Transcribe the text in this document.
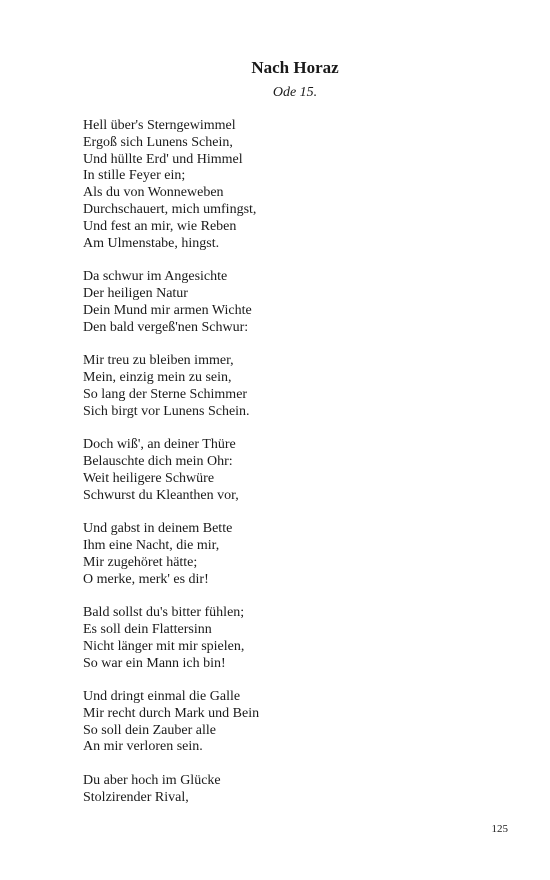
Nach Horaz
Ode 15.
Hell über's Sterngewimmel
Ergoß sich Lunens Schein,
Und hüllte Erd' und Himmel
In stille Feyer ein;
Als du von Wonneweben
Durchschauert, mich umfingst,
Und fest an mir, wie Reben
Am Ulmenstabe, hingst.
Da schwur im Angesichte
Der heiligen Natur
Dein Mund mir armen Wichte
Den bald vergeß'nen Schwur:
Mir treu zu bleiben immer,
Mein, einzig mein zu sein,
So lang der Sterne Schimmer
Sich birgt vor Lunens Schein.
Doch wiß', an deiner Thüre
Belauschte dich mein Ohr:
Weit heiligere Schwüre
Schwurst du Kleanthen vor,
Und gabst in deinem Bette
Ihm eine Nacht, die mir,
Mir zugehöret hätte;
O merke, merk' es dir!
Bald sollst du's bitter fühlen;
Es soll dein Flattersinn
Nicht länger mit mir spielen,
So war ein Mann ich bin!
Und dringt einmal die Galle
Mir recht durch Mark und Bein
So soll dein Zauber alle
An mir verloren sein.
Du aber hoch im Glücke
Stolzirender Rival,
125
